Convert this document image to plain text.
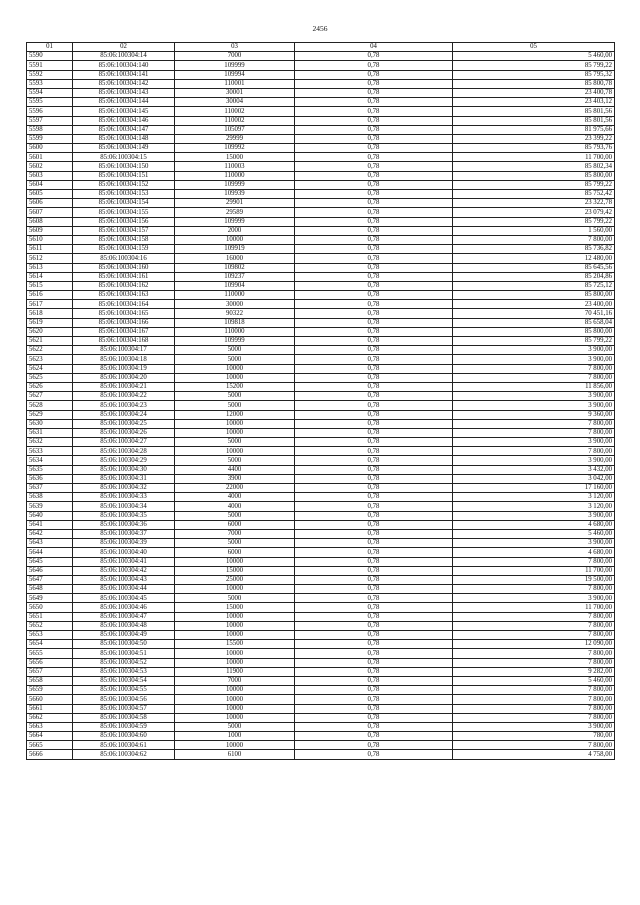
2456
01	02	03	04	05
5590	85:06:100304:14	7000	0,78	5 460,00
5591	85:06:100304:140	109999	0,78	85 799,22
5592	85:06:100304:141	109994	0,78	85 795,32
5593	85:06:100304:142	110001	0,78	85 800,78
5594	85:06:100304:143	30001	0,78	23 400,78
5595	85:06:100304:144	30004	0,78	23 403,12
5596	85:06:100304:145	110002	0,78	85 801,56
5597	85:06:100304:146	110002	0,78	85 801,56
5598	85:06:100304:147	105097	0,78	81 975,66
5599	85:06:100304:148	29999	0,78	23 399,22
5600	85:06:100304:149	109992	0,78	85 793,76
5601	85:06:100304:15	15000	0,78	11 700,00
5602	85:06:100304:150	110003	0,78	85 802,34
5603	85:06:100304:151	110000	0,78	85 800,00
5604	85:06:100304:152	109999	0,78	85 799,22
5605	85:06:100304:153	109939	0,78	85 752,42
5606	85:06:100304:154	29901	0,78	23 322,78
5607	85:06:100304:155	29589	0,78	23 079,42
5608	85:06:100304:156	109999	0,78	85 799,22
5609	85:06:100304:157	2000	0,78	1 560,00
5610	85:06:100304:158	10000	0,78	7 800,00
5611	85:06:100304:159	109919	0,78	85 736,82
5612	85:06:100304:16	16000	0,78	12 480,00
5613	85:06:100304:160	109802	0,78	85 645,56
5614	85:06:100304:161	109237	0,78	85 204,86
5615	85:06:100304:162	109904	0,78	85 725,12
5616	85:06:100304:163	110000	0,78	85 800,00
5617	85:06:100304:164	30000	0,78	23 400,00
5618	85:06:100304:165	90322	0,78	70 451,16
5619	85:06:100304:166	109818	0,78	85 658,04
5620	85:06:100304:167	110000	0,78	85 800,00
5621	85:06:100304:168	109999	0,78	85 799,22
5622	85:06:100304:17	5000	0,78	3 900,00
5623	85:06:100304:18	5000	0,78	3 900,00
5624	85:06:100304:19	10000	0,78	7 800,00
5625	85:06:100304:20	10000	0,78	7 800,00
5626	85:06:100304:21	15200	0,78	11 856,00
5627	85:06:100304:22	5000	0,78	3 900,00
5628	85:06:100304:23	5000	0,78	3 900,00
5629	85:06:100304:24	12000	0,78	9 360,00
5630	85:06:100304:25	10000	0,78	7 800,00
5631	85:06:100304:26	10000	0,78	7 800,00
5632	85:06:100304:27	5000	0,78	3 900,00
5633	85:06:100304:28	10000	0,78	7 800,00
5634	85:06:100304:29	5000	0,78	3 900,00
5635	85:06:100304:30	4400	0,78	3 432,00
5636	85:06:100304:31	3900	0,78	3 042,00
5637	85:06:100304:32	22000	0,78	17 160,00
5638	85:06:100304:33	4000	0,78	3 120,00
5639	85:06:100304:34	4000	0,78	3 120,00
5640	85:06:100304:35	5000	0,78	3 900,00
5641	85:06:100304:36	6000	0,78	4 680,00
5642	85:06:100304:37	7000	0,78	5 460,00
5643	85:06:100304:39	5000	0,78	3 900,00
5644	85:06:100304:40	6000	0,78	4 680,00
5645	85:06:100304:41	10000	0,78	7 800,00
5646	85:06:100304:42	15000	0,78	11 700,00
5647	85:06:100304:43	25000	0,78	19 500,00
5648	85:06:100304:44	10000	0,78	7 800,00
5649	85:06:100304:45	5000	0,78	3 900,00
5650	85:06:100304:46	15000	0,78	11 700,00
5651	85:06:100304:47	10000	0,78	7 800,00
5652	85:06:100304:48	10000	0,78	7 800,00
5653	85:06:100304:49	10000	0,78	7 800,00
5654	85:06:100304:50	15500	0,78	12 090,00
5655	85:06:100304:51	10000	0,78	7 800,00
5656	85:06:100304:52	10000	0,78	7 800,00
5657	85:06:100304:53	11900	0,78	9 282,00
5658	85:06:100304:54	7000	0,78	5 460,00
5659	85:06:100304:55	10000	0,78	7 800,00
5660	85:06:100304:56	10000	0,78	7 800,00
5661	85:06:100304:57	10000	0,78	7 800,00
5662	85:06:100304:58	10000	0,78	7 800,00
5663	85:06:100304:59	5000	0,78	3 900,00
5664	85:06:100304:60	1000	0,78	780,00
5665	85:06:100304:61	10000	0,78	7 800,00
5666	85:06:100304:62	6100	0,78	4 758,00
